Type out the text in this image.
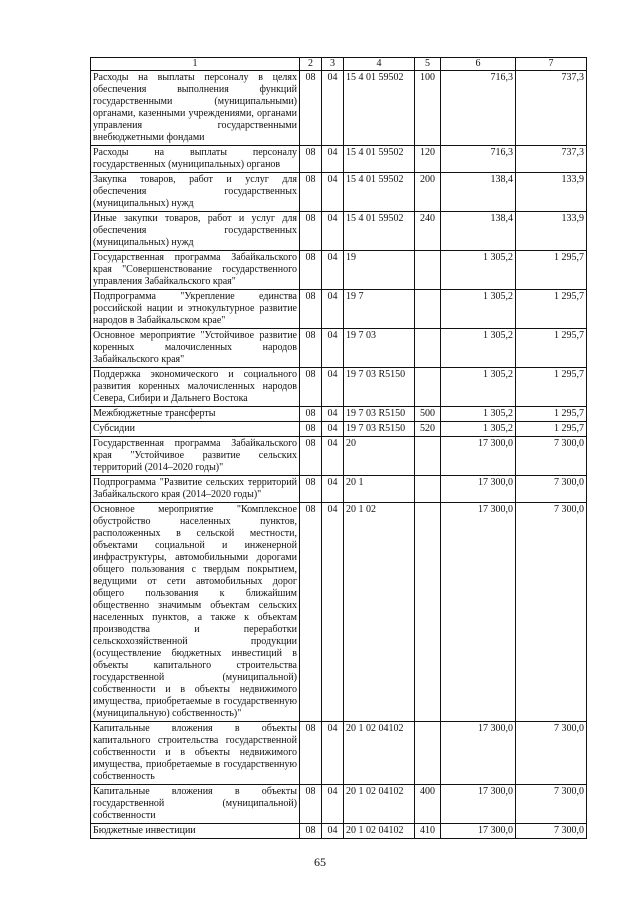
1	2	3	4	5	6	7
Расходы на выплаты персоналу в целях обеспечения выполнения функций государственными (муниципальными) органами, казенными учреждениями, органами управления государственными внебюджетными фондами	08	04	15 4 01 59502	100	716,3	737,3
Расходы на выплаты персоналу государственных (муниципальных) органов	08	04	15 4 01 59502	120	716,3	737,3
Закупка товаров, работ и услуг для обеспечения государственных (муниципальных) нужд	08	04	15 4 01 59502	200	138,4	133,9
Иные закупки товаров, работ и услуг для обеспечения государственных (муниципальных) нужд	08	04	15 4 01 59502	240	138,4	133,9
Государственная программа Забайкальского края "Совершенствование государственного управления Забайкальского края"	08	04	19		1 305,2	1 295,7
Подпрограмма "Укрепление единства российской нации и этнокультурное развитие народов в Забайкальском крае"	08	04	19 7		1 305,2	1 295,7
Основное мероприятие "Устойчивое развитие коренных малочисленных народов Забайкальского края"	08	04	19 7 03		1 305,2	1 295,7
Поддержка экономического и социального развития коренных малочисленных народов Севера, Сибири и Дальнего Востока	08	04	19 7 03 R5150		1 305,2	1 295,7
Межбюджетные трансферты	08	04	19 7 03 R5150	500	1 305,2	1 295,7
Субсидии	08	04	19 7 03 R5150	520	1 305,2	1 295,7
Государственная программа Забайкальского края "Устойчивое развитие сельских территорий (2014–2020 годы)"	08	04	20		17 300,0	7 300,0
Подпрограмма "Развитие сельских территорий Забайкальского края (2014–2020 годы)"	08	04	20 1		17 300,0	7 300,0
Основное мероприятие "Комплексное обустройство населенных пунктов, расположенных в сельской местности, объектами социальной и инженерной инфраструктуры, автомобильными дорогами общего пользования с твердым покрытием, ведущими от сети автомобильных дорог общего пользования к ближайшим общественно значимым объектам сельских населенных пунктов, а также к объектам производства и переработки сельскохозяйственной продукции (осуществление бюджетных инвестиций в объекты капитального строительства государственной (муниципальной) собственности и в объекты недвижимого имущества, приобретаемые в государственную (муниципальную) собственность)"	08	04	20 1 02		17 300,0	7 300,0
Капитальные вложения в объекты капитального строительства государственной собственности и в объекты недвижимого имущества, приобретаемые в государственную собственность	08	04	20 1 02 04102		17 300,0	7 300,0
Капитальные вложения в объекты государственной (муниципальной) собственности	08	04	20 1 02 04102	400	17 300,0	7 300,0
Бюджетные инвестиции	08	04	20 1 02 04102	410	17 300,0	7 300,0
65
